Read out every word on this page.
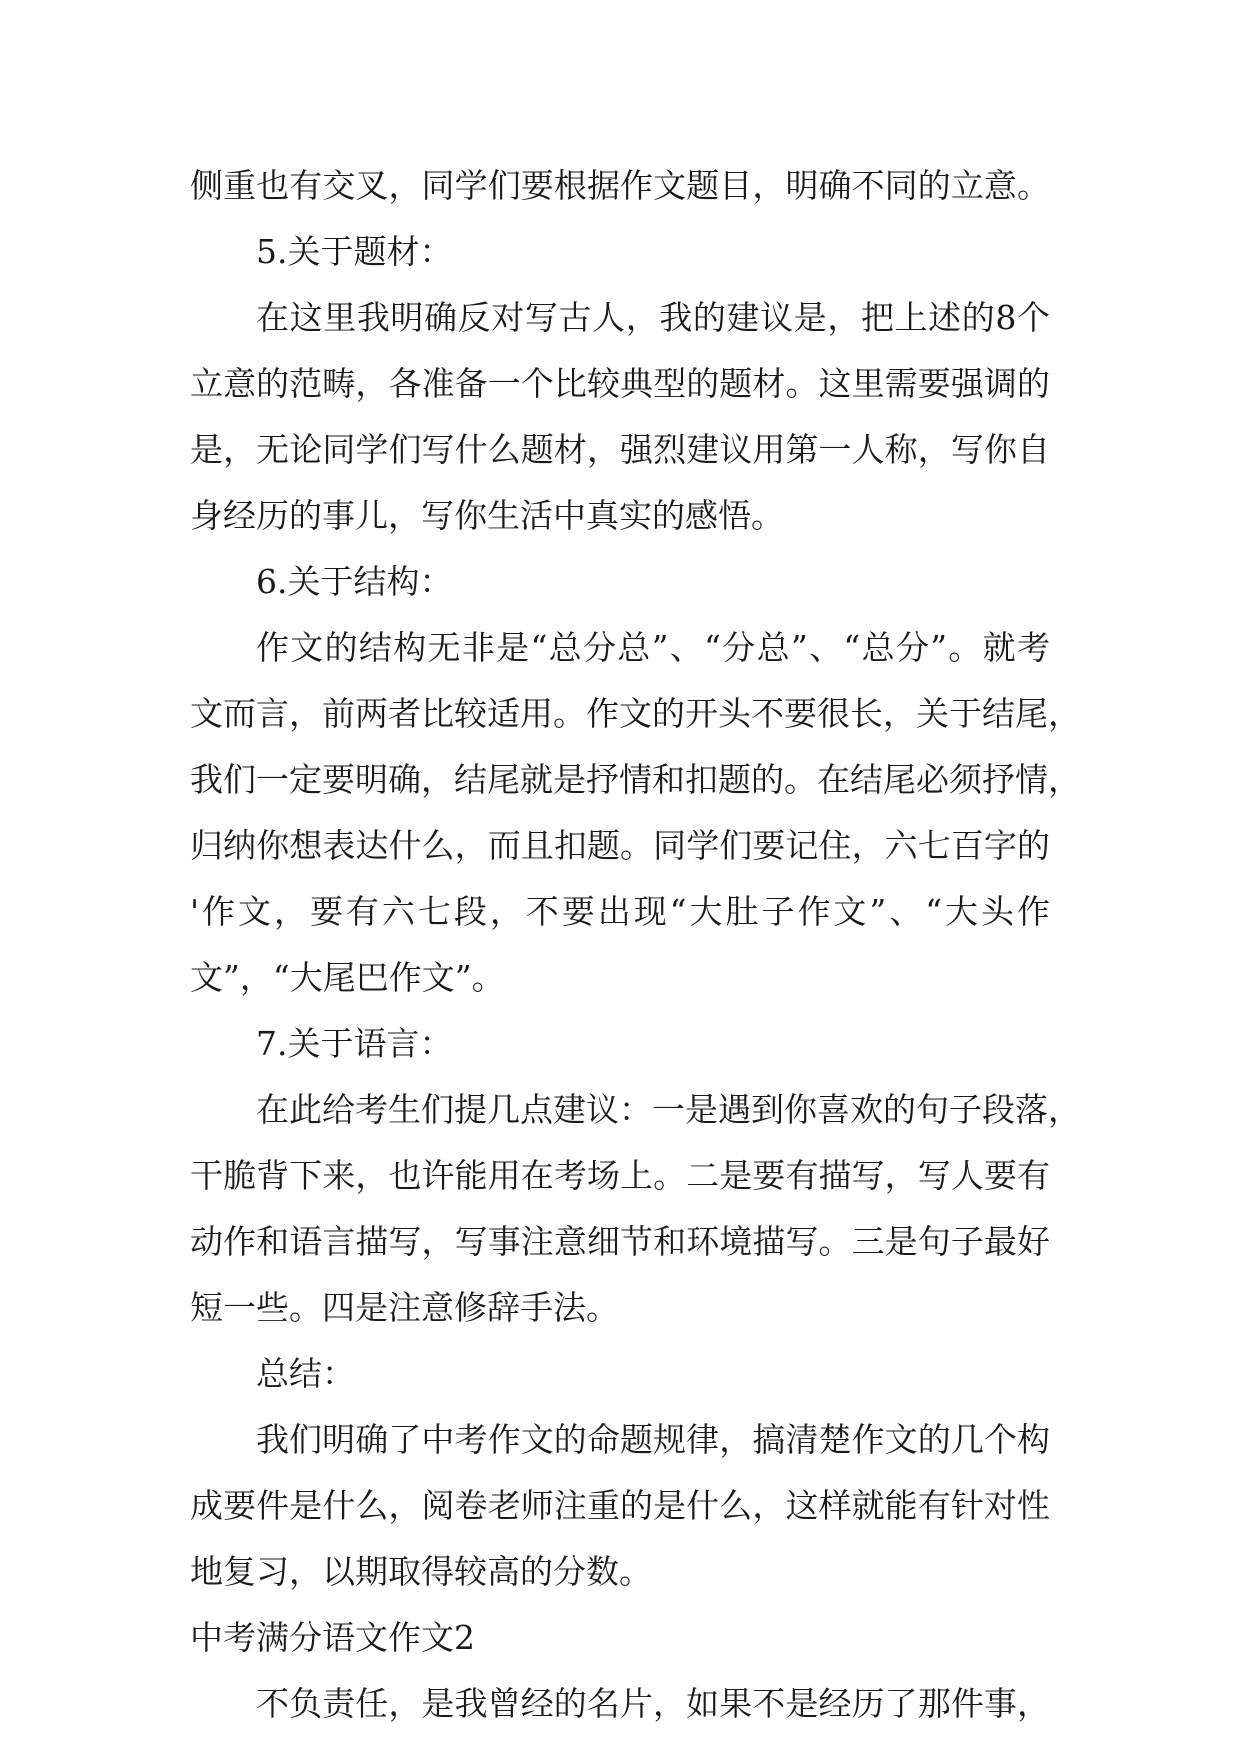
侧重也有交叉，同学们要根据作文题目，明确不同的立意。
5.关于题材：
在这里我明确反对写古人，我的建议是，把上述的8个
立意的范畴，各准备一个比较典型的题材。这里需要强调的
是，无论同学们写什么题材，强烈建议用第一人称，写你自
身经历的事儿，写你生活中真实的感悟。
6.关于结构：
作文的结构无非是“总分总”、“分总”、“总分”。就考
文而言，前两者比较适用。作文的开头不要很长，关于结尾，
我们一定要明确，结尾就是抒情和扣题的。在结尾必须抒情，
归纳你想表达什么，而且扣题。同学们要记住，六七百字的
'作文，要有六七段，不要出现“大肚子作文”、“大头作
文”，“大尾巴作文”。
7.关于语言：
在此给考生们提几点建议：一是遇到你喜欢的句子段落，
干脆背下来，也许能用在考场上。二是要有描写，写人要有
动作和语言描写，写事注意细节和环境描写。三是句子最好
短一些。四是注意修辞手法。
总结：
我们明确了中考作文的命题规律，搞清楚作文的几个构
成要件是什么，阅卷老师注重的是什么，这样就能有针对性
地复习，以期取得较高的分数。
中考满分语文作文2
不负责任，是我曾经的名片，如果不是经历了那件事，
